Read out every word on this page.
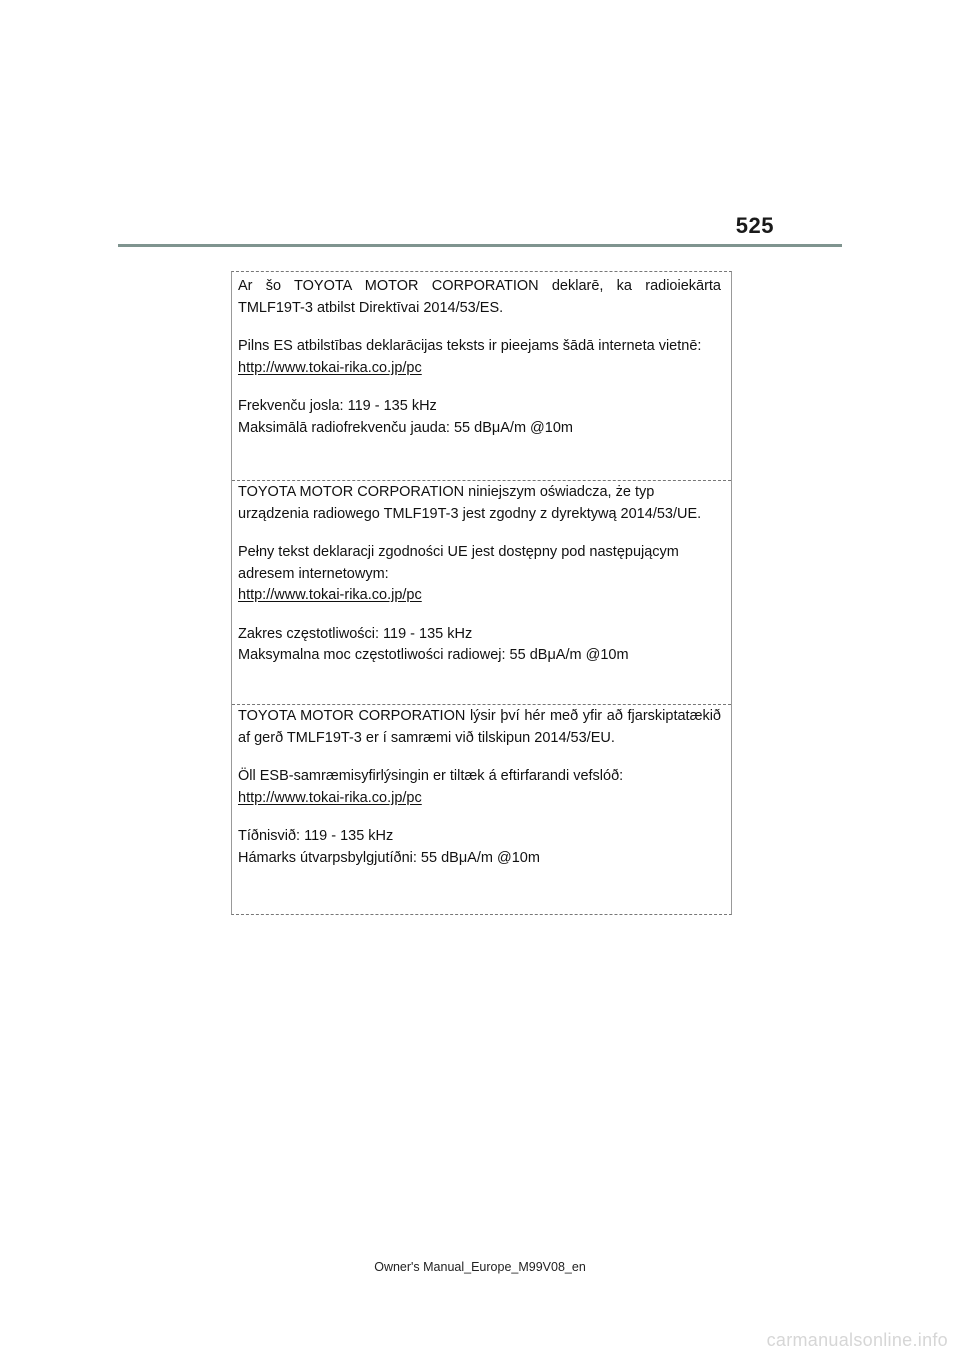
525

Ar šo TOYOTA MOTOR CORPORATION deklarē, ka radioiekārta TMLF19T-3 atbilst Direktīvai 2014/53/ES.

Pilns ES atbilstības deklarācijas teksts ir pieejams šādā interneta vietnē:

http://www.tokai-rika.co.jp/pc

Frekvenču josla: 119 - 135 kHz

Maksimālā radiofrekvenču jauda: 55 dBμA/m @10m

TOYOTA MOTOR CORPORATION niniejszym oświadcza, że typ urządzenia radiowego TMLF19T-3 jest zgodny z dyrektywą 2014/53/UE.

Pełny tekst deklaracji zgodności UE jest dostępny pod następującym adresem internetowym:

http://www.tokai-rika.co.jp/pc

Zakres częstotliwości: 119 - 135 kHz

Maksymalna moc częstotliwości radiowej: 55 dBμA/m @10m

TOYOTA MOTOR CORPORATION lýsir því hér með yfir að fjarskiptatækið af gerð TMLF19T-3 er í samræmi við tilskipun 2014/53/EU.

Öll ESB-samræmisyfirlýsingin er tiltæk á eftirfarandi vefslóð:

http://www.tokai-rika.co.jp/pc

Tíðnisvið: 119 - 135 kHz

Hámarks útvarpsbylgjutíðni: 55 dBμA/m @10m

Owner's Manual_Europe_M99V08_en
carmanualsonline.info
